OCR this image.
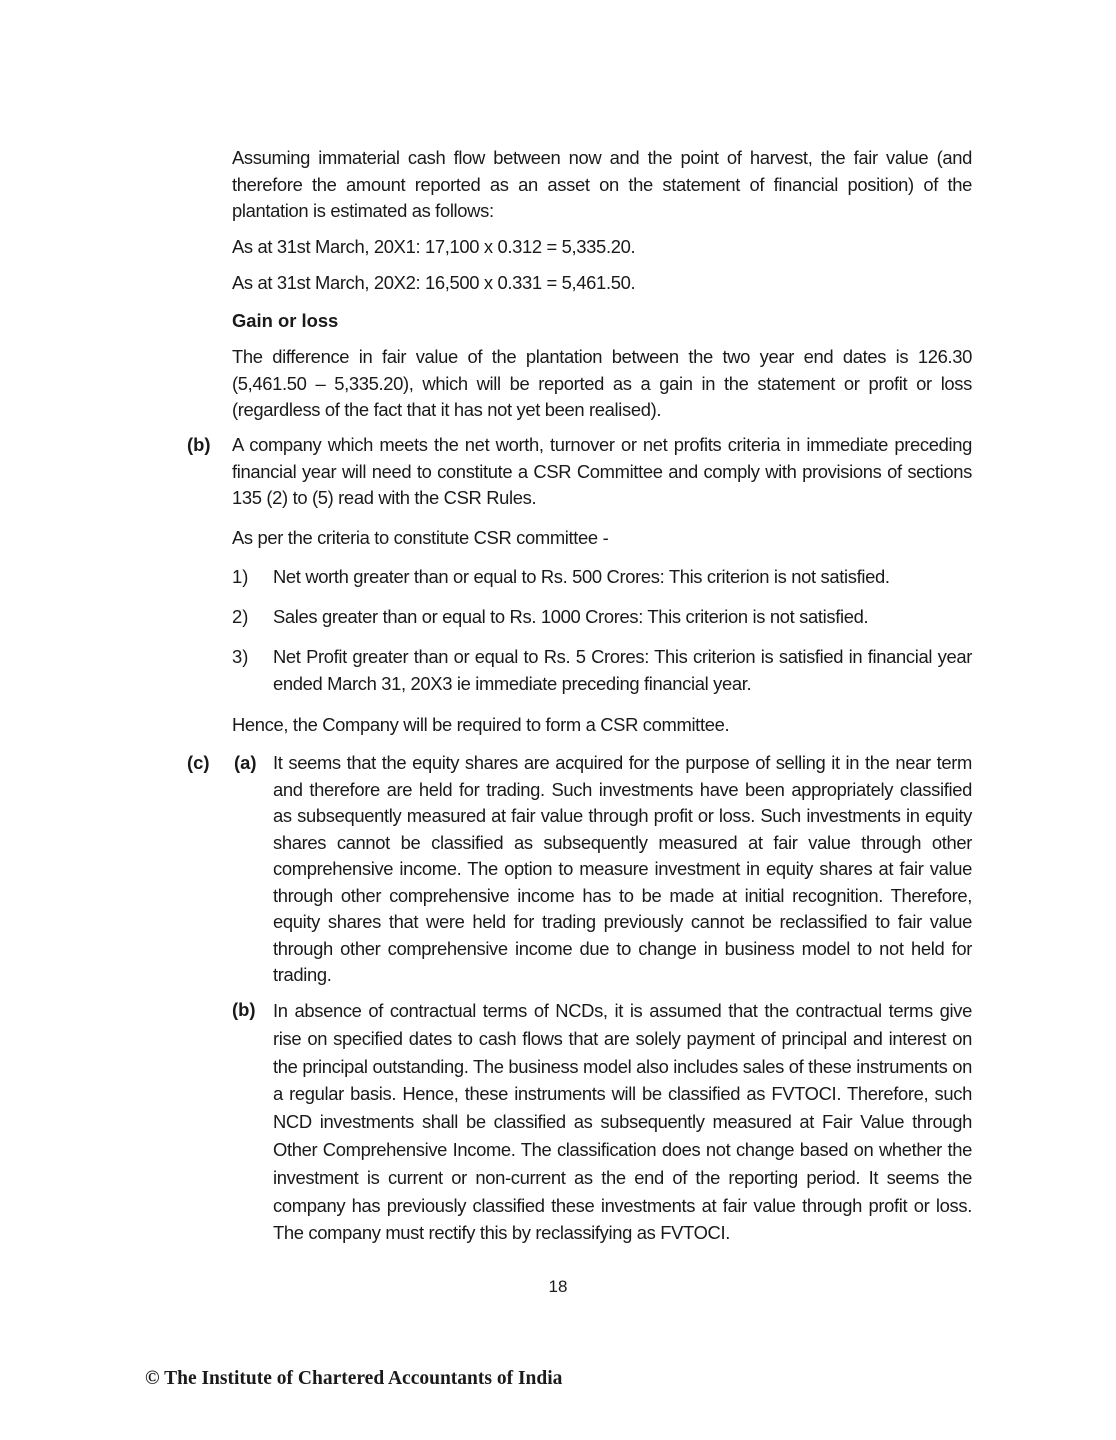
Assuming immaterial cash flow between now and the point of harvest, the fair value (and therefore the amount reported as an asset on the statement of financial position) of the plantation is estimated as follows:

As at 31st March, 20X1: 17,100 x 0.312 = 5,335.20.

As at 31st March, 20X2: 16,500 x 0.331 = 5,461.50.

Gain or loss

The difference in fair value of the plantation between the two year end dates is 126.30 (5,461.50 – 5,335.20), which will be reported as a gain in the statement or profit or loss (regardless of the fact that it has not yet been realised).

(b) A company which meets the net worth, turnover or net profits criteria in immediate preceding financial year will need to constitute a CSR Committee and comply with provisions of sections 135 (2) to (5) read with the CSR Rules.

As per the criteria to constitute CSR committee -

1) Net worth greater than or equal to Rs. 500 Crores: This criterion is not satisfied.

2) Sales greater than or equal to Rs. 1000 Crores: This criterion is not satisfied.

3) Net Profit greater than or equal to Rs. 5 Crores: This criterion is satisfied in financial year ended March 31, 20X3 ie immediate preceding financial year.

Hence, the Company will be required to form a CSR committee.

(c) (a) It seems that the equity shares are acquired for the purpose of selling it in the near term and therefore are held for trading. Such investments have been appropriately classified as subsequently measured at fair value through profit or loss. Such investments in equity shares cannot be classified as subsequently measured at fair value through other comprehensive income. The option to measure investment in equity shares at fair value through other comprehensive income has to be made at initial recognition. Therefore, equity shares that were held for trading previously cannot be reclassified to fair value through other comprehensive income due to change in business model to not held for trading.

(b) In absence of contractual terms of NCDs, it is assumed that the contractual terms give rise on specified dates to cash flows that are solely payment of principal and interest on the principal outstanding. The business model also includes sales of these instruments on a regular basis. Hence, these instruments will be classified as FVTOCI. Therefore, such NCD investments shall be classified as subsequently measured at Fair Value through Other Comprehensive Income. The classification does not change based on whether the investment is current or non-current as the end of the reporting period. It seems the company has previously classified these investments at fair value through profit or loss. The company must rectify this by reclassifying as FVTOCI.

18
© The Institute of Chartered Accountants of India
